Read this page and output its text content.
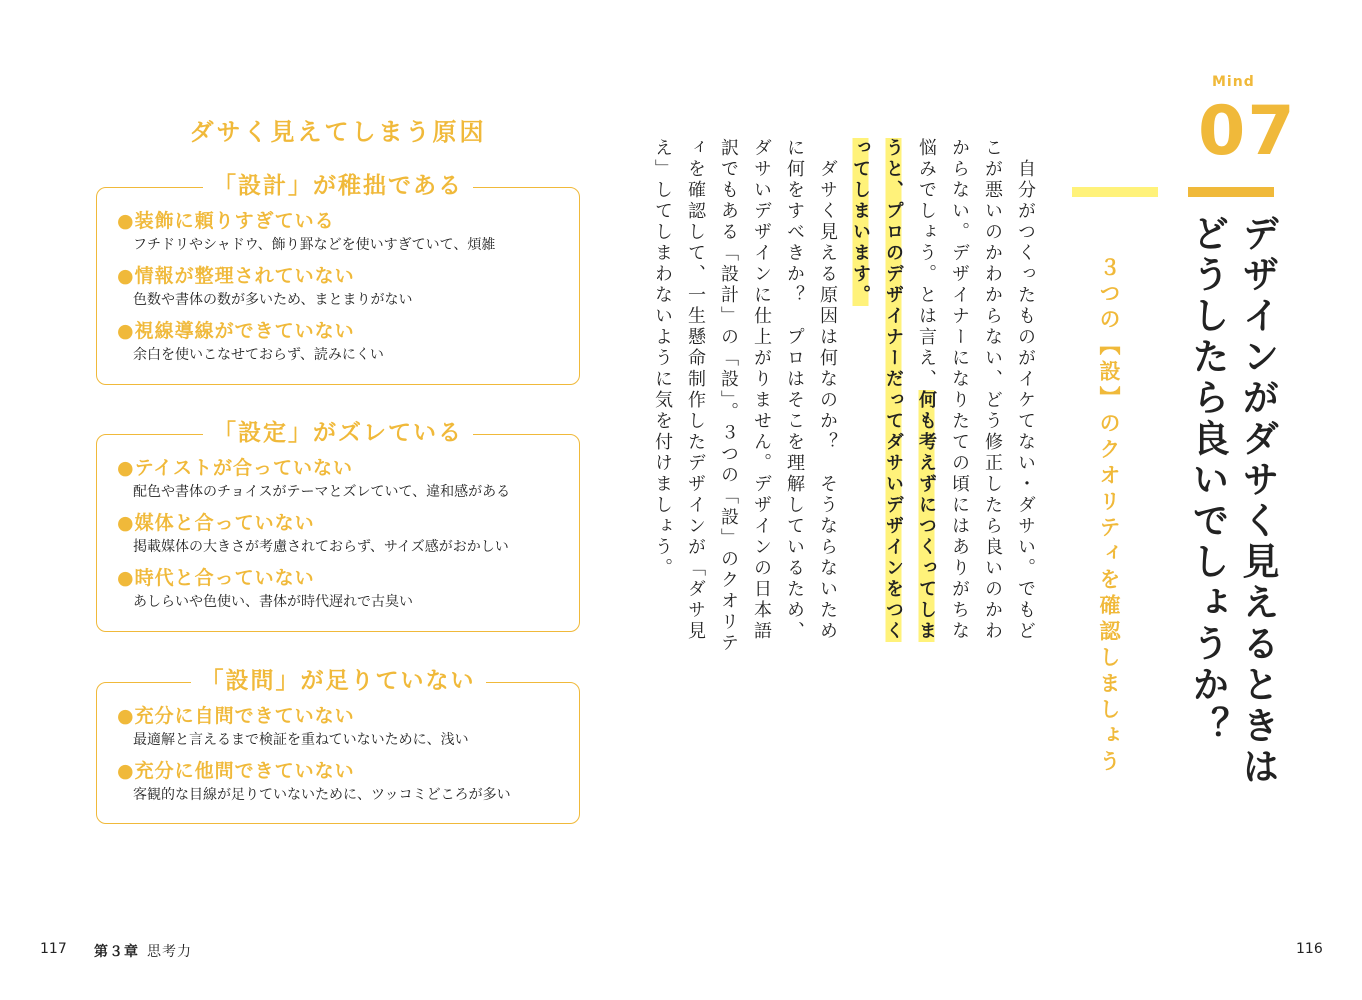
ダサく見えてしまう原因
「設計」が稚拙である
●装飾に頼りすぎている
フチドリやシャドウ、飾り罫などを使いすぎていて、煩雑
●情報が整理されていない
色数や書体の数が多いため、まとまりがない
●視線導線ができていない
余白を使いこなせておらず、読みにくい
「設定」がズレている
●テイストが合っていない
配色や書体のチョイスがテーマとズレていて、違和感がある
●媒体と合っていない
掲載媒体の大きさが考慮されておらず、サイズ感がおかしい
●時代と合っていない
あしらいや色使い、書体が時代遅れで古臭い
「設問」が足りていない
●充分に自問できていない
最適解と言えるまで検証を重ねていないために、浅い
●充分に他問できていない
客観的な目線が足りていないために、ツッコミどころが多い
117 第３章 思考力
Mind
07
デザインがダサく見えるときは
どうしたら良いでしょうか？
３つの【設】のクオリティを確認しましょう

　自分がつくったものがイケてない・ダサい。でもどこが悪いのかわからない、どう修正したら良いのかわからない。デザイナーになりたての頃にはありがちな悩みでしょう。とは言え、何も考えずにつくってしまうと、プロのデザイナーだってダサいデザインをつくってしまいます。

　ダサく見える原因は何なのか？　そうならないために何をすべきか？　プロはそこを理解しているため、ダサいデザインに仕上がりません。デザインの日本語訳でもある「設計」の「設」。３つの「設」のクオリティを確認して、一生懸命制作したデザインが「ダサ見え」してしまわないように気を付けましょう。

116
